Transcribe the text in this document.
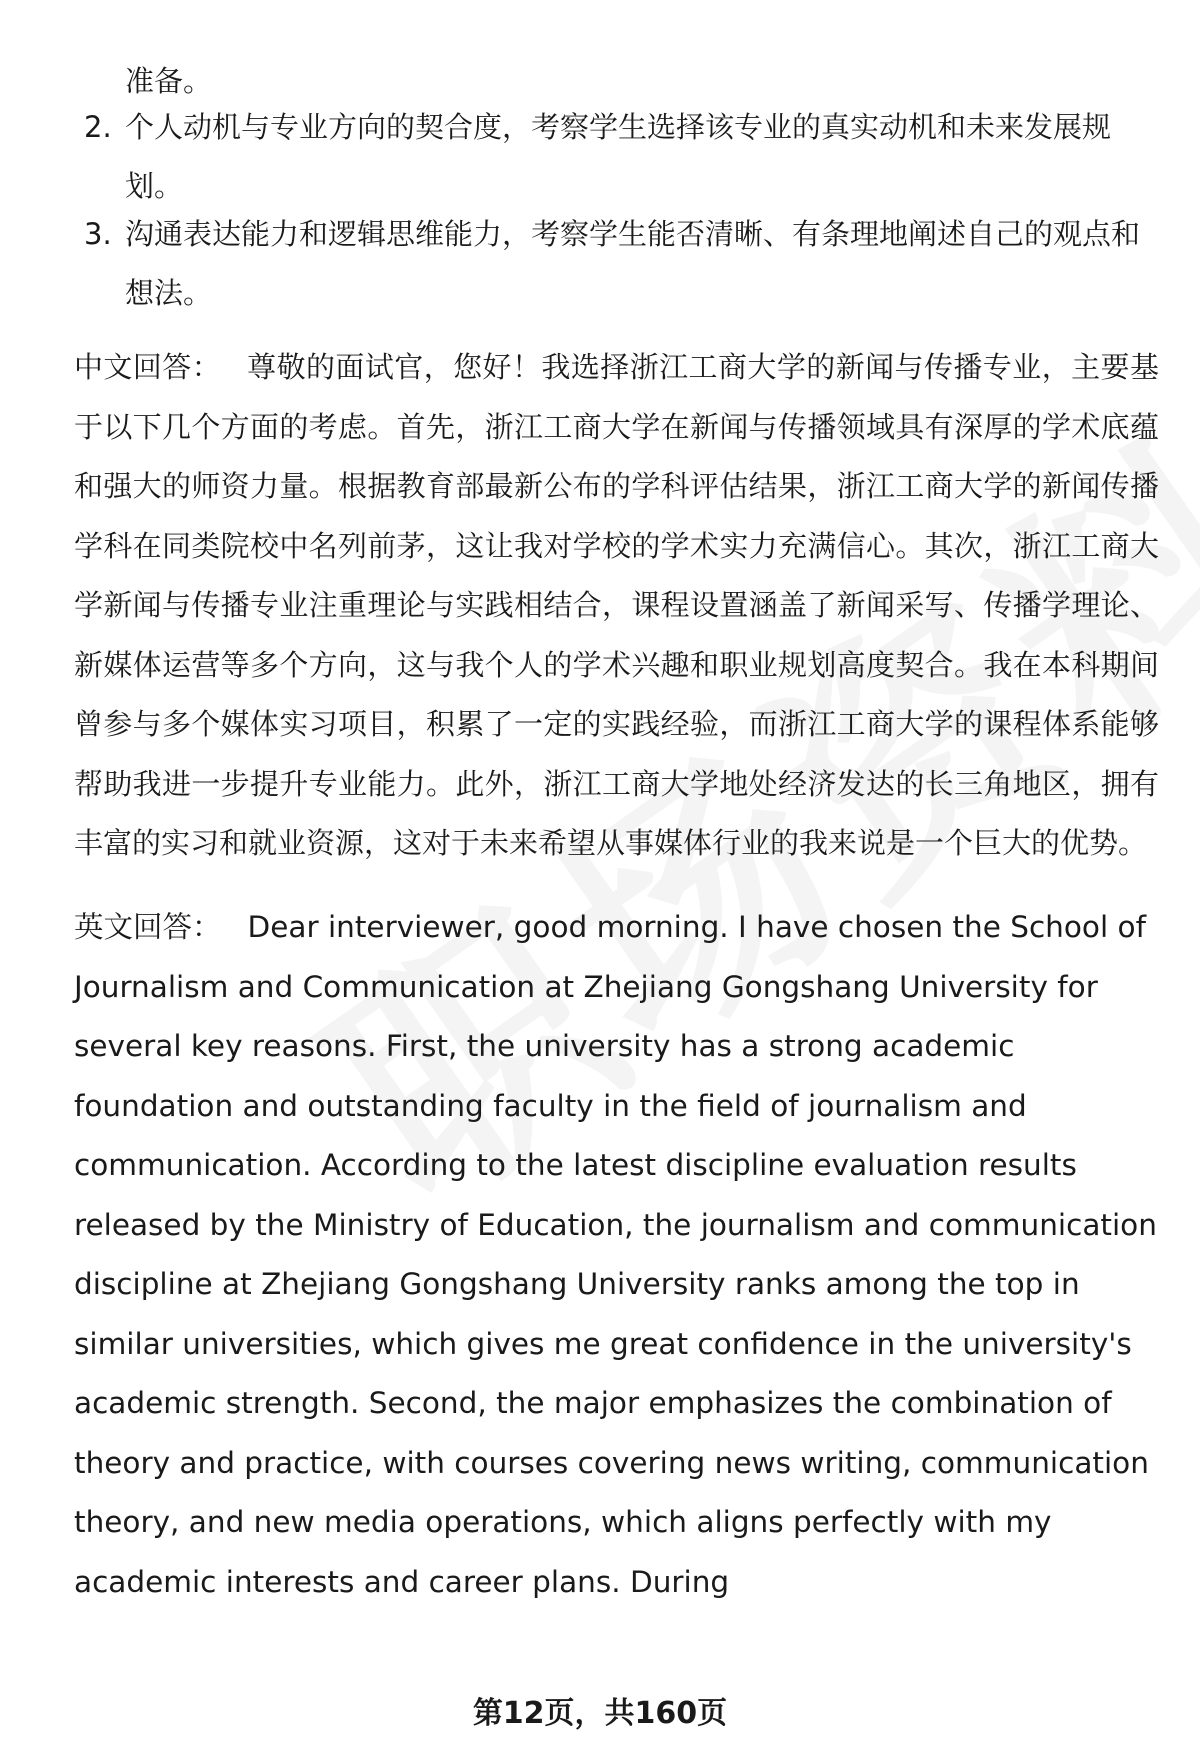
准备。
2. 个人动机与专业方向的契合度，考察学生选择该专业的真实动机和未来发展规划。
3. 沟通表达能力和逻辑思维能力，考察学生能否清晰、有条理地阐述自己的观点和想法。
中文回答： 尊敬的面试官，您好！我选择浙江工商大学的新闻与传播专业，主要基于以下几个方面的考虑。首先，浙江工商大学在新闻与传播领域具有深厚的学术底蕴和强大的师资力量。根据教育部最新公布的学科评估结果，浙江工商大学的新闻传播学科在同类院校中名列前茅，这让我对学校的学术实力充满信心。其次，浙江工商大学新闻与传播专业注重理论与实践相结合，课程设置涵盖了新闻采写、传播学理论、新媒体运营等多个方向，这与我个人的学术兴趣和职业规划高度契合。我在本科期间曾参与多个媒体实习项目，积累了一定的实践经验，而浙江工商大学的课程体系能够帮助我进一步提升专业能力。此外，浙江工商大学地处经济发达的长三角地区，拥有丰富的实习和就业资源，这对于未来希望从事媒体行业的我来说是一个巨大的优势。
英文回答： Dear interviewer, good morning. I have chosen the School of Journalism and Communication at Zhejiang Gongshang University for several key reasons. First, the university has a strong academic foundation and outstanding faculty in the field of journalism and communication. According to the latest discipline evaluation results released by the Ministry of Education, the journalism and communication discipline at Zhejiang Gongshang University ranks among the top in similar universities, which gives me great confidence in the university's academic strength. Second, the major emphasizes the combination of theory and practice, with courses covering news writing, communication theory, and new media operations, which aligns perfectly with my academic interests and career plans. During
第12页，共160页
